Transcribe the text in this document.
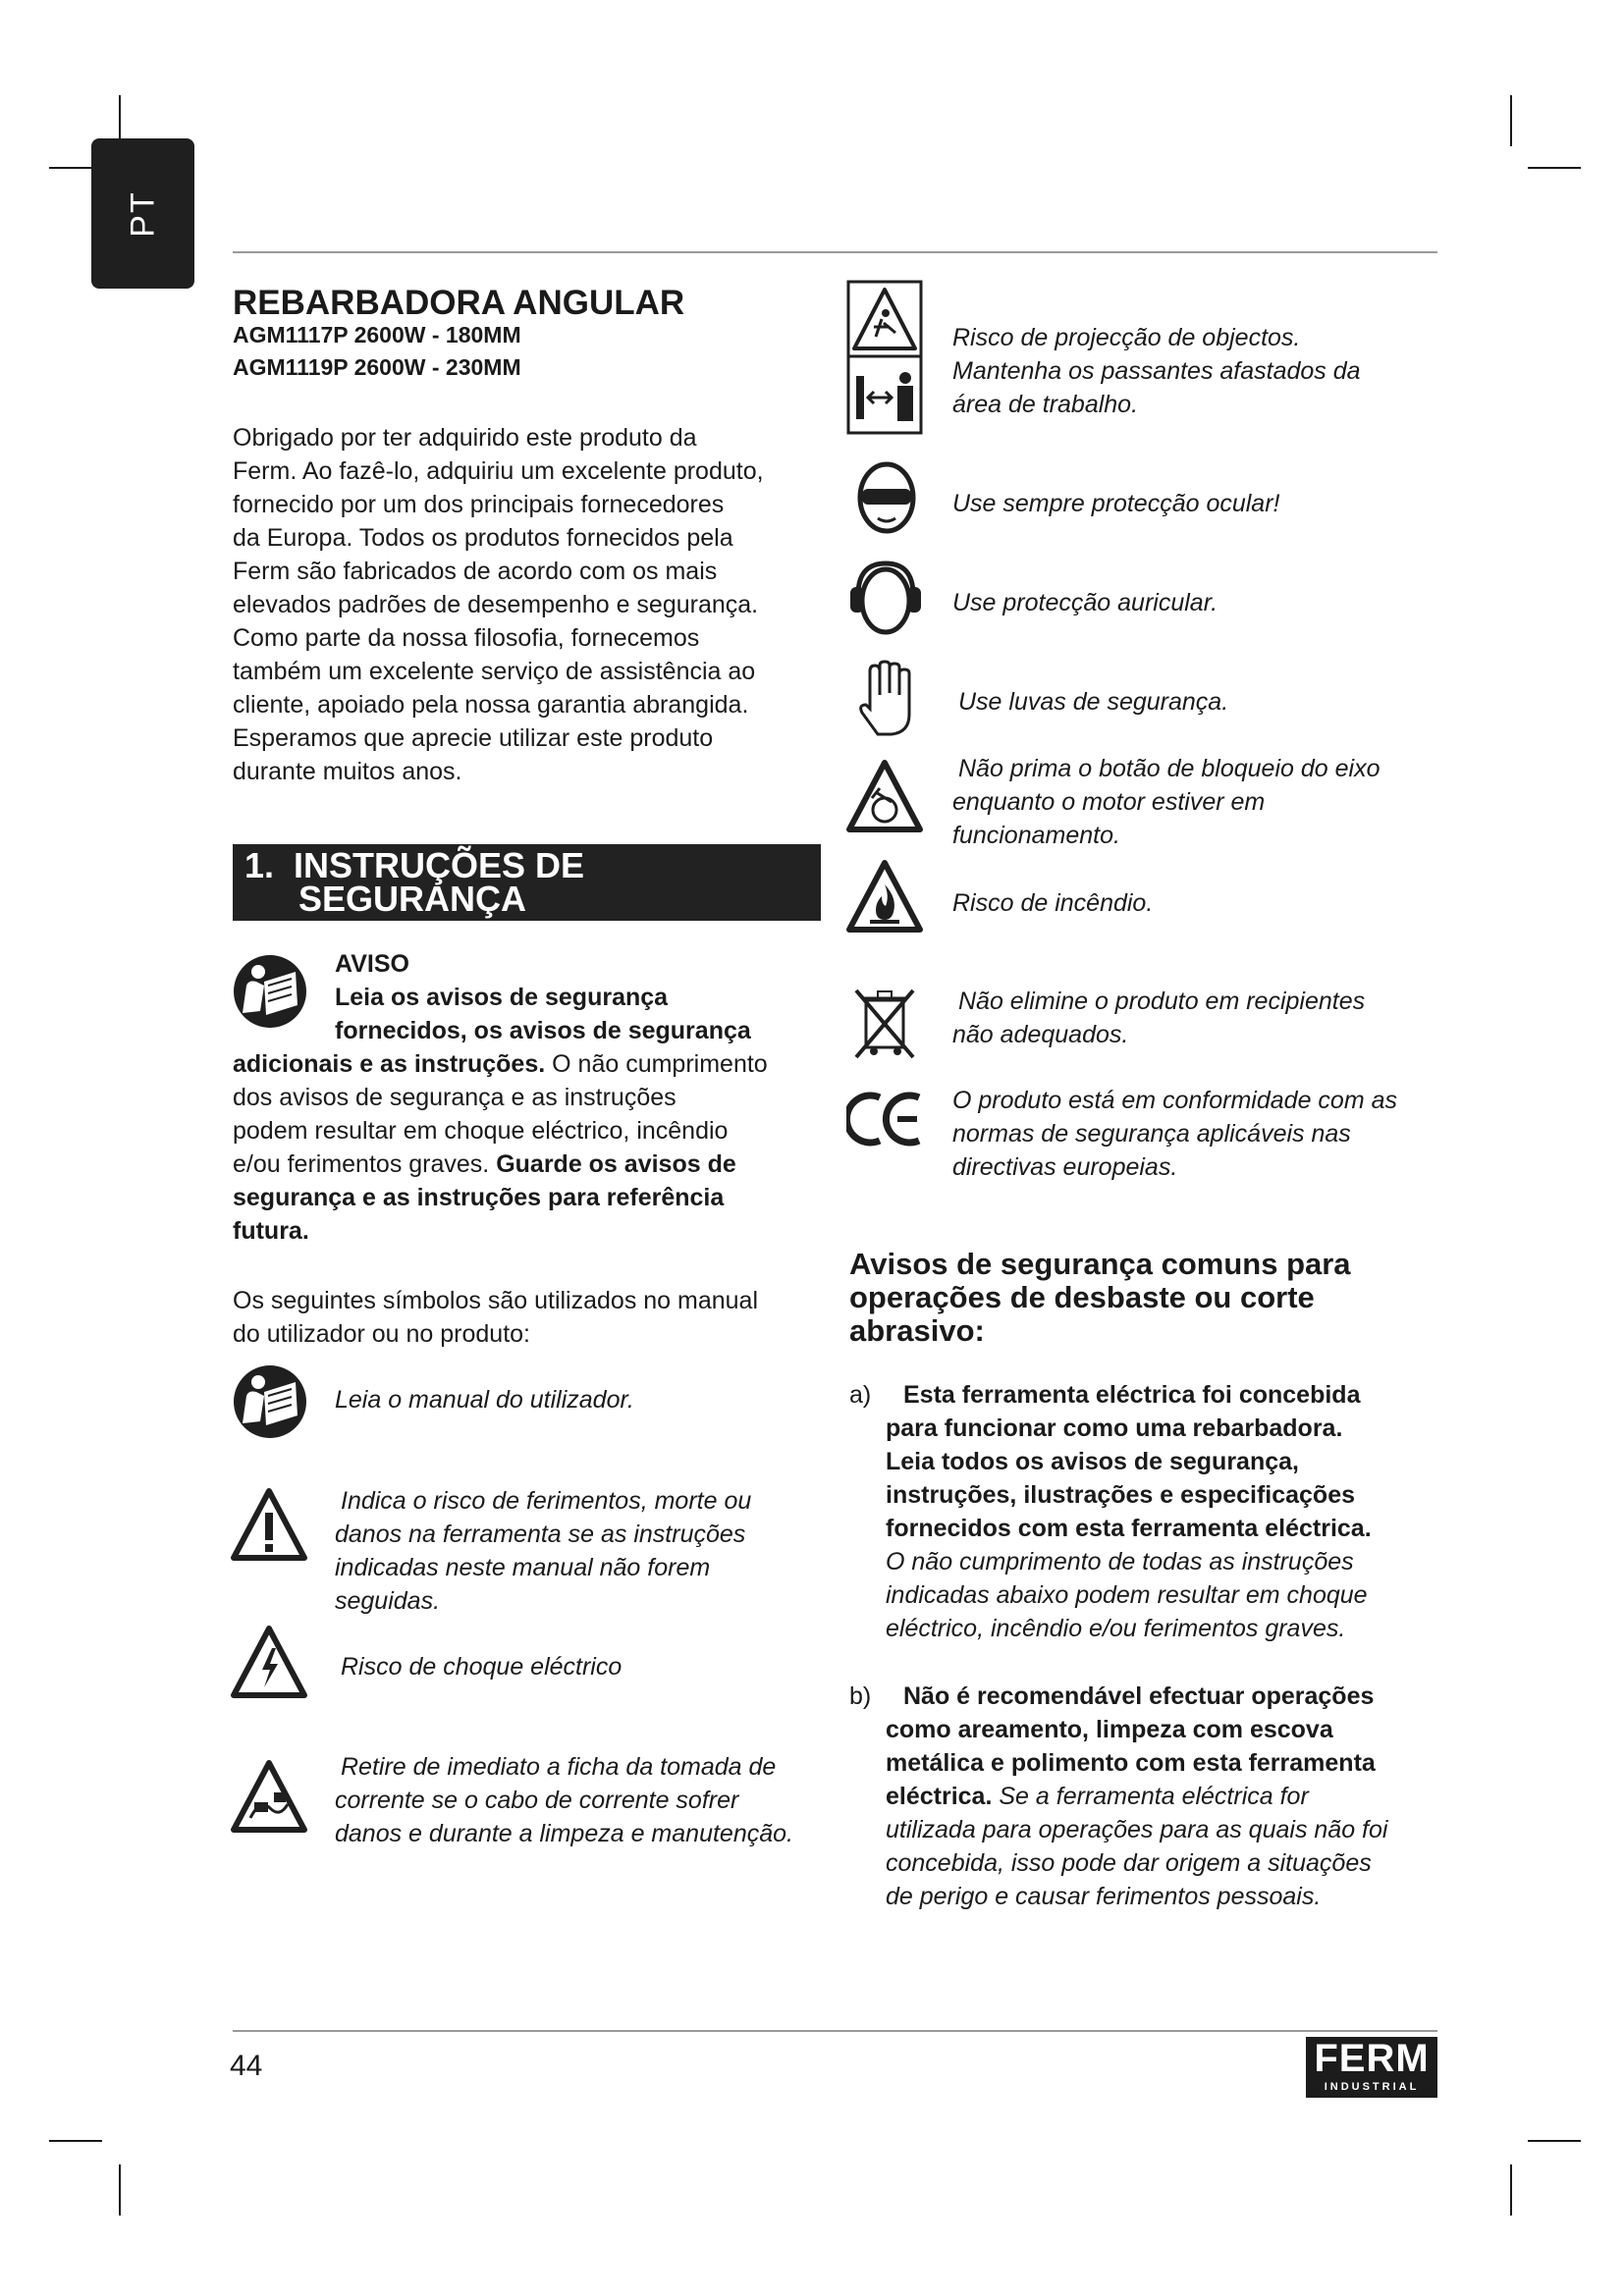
PT
REBARBADORA ANGULAR
AGM1117P 2600W - 180MM
AGM1119P 2600W - 230MM
Obrigado por ter adquirido este produto da
Ferm. Ao fazê-lo, adquiriu um excelente produto,
fornecido por um dos principais fornecedores
da Europa. Todos os produtos fornecidos pela
Ferm são fabricados de acordo com os mais
elevados padrões de desempenho e segurança.
Como parte da nossa filosofia, fornecemos
também um excelente serviço de assistência ao
cliente, apoiado pela nossa garantia abrangida.
Esperamos que aprecie utilizar este produto
durante muitos anos.
1. INSTRUÇÕES DE
SEGURANÇA
AVISO
Leia os avisos de segurança
fornecidos, os avisos de segurança
adicionais e as instruções. O não cumprimento
dos avisos de segurança e as instruções
podem resultar em choque eléctrico, incêndio
e/ou ferimentos graves. Guarde os avisos de
segurança e as instruções para referência
futura.
Os seguintes símbolos são utilizados no manual
do utilizador ou no produto:
Leia o manual do utilizador.
Indica o risco de ferimentos, morte ou
danos na ferramenta se as instruções
indicadas neste manual não forem
seguidas.
Risco de choque eléctrico
Retire de imediato a ficha da tomada de
corrente se o cabo de corrente sofrer
danos e durante a limpeza e manutenção.
Risco de projecção de objectos.
Mantenha os passantes afastados da
área de trabalho.
Use sempre protecção ocular!
Use protecção auricular.
Use luvas de segurança.
Não prima o botão de bloqueio do eixo
enquanto o motor estiver em
funcionamento.
Risco de incêndio.
Não elimine o produto em recipientes
não adequados.
O produto está em conformidade com as
normas de segurança aplicáveis nas
directivas europeias.
Avisos de segurança comuns para
operações de desbaste ou corte
abrasivo:
a)	Esta ferramenta eléctrica foi concebida
para funcionar como uma rebarbadora.
Leia todos os avisos de segurança,
instruções, ilustrações e especificações
fornecidos com esta ferramenta eléctrica.
O não cumprimento de todas as instruções
indicadas abaixo podem resultar em choque
eléctrico, incêndio e/ou ferimentos graves.
b)	Não é recomendável efectuar operações
como areamento, limpeza com escova
metálica e polimento com esta ferramenta
eléctrica. Se a ferramenta eléctrica for
utilizada para operações para as quais não foi
concebida, isso pode dar origem a situações
de perigo e causar ferimentos pessoais.
44	FERM
INDUSTRIAL
